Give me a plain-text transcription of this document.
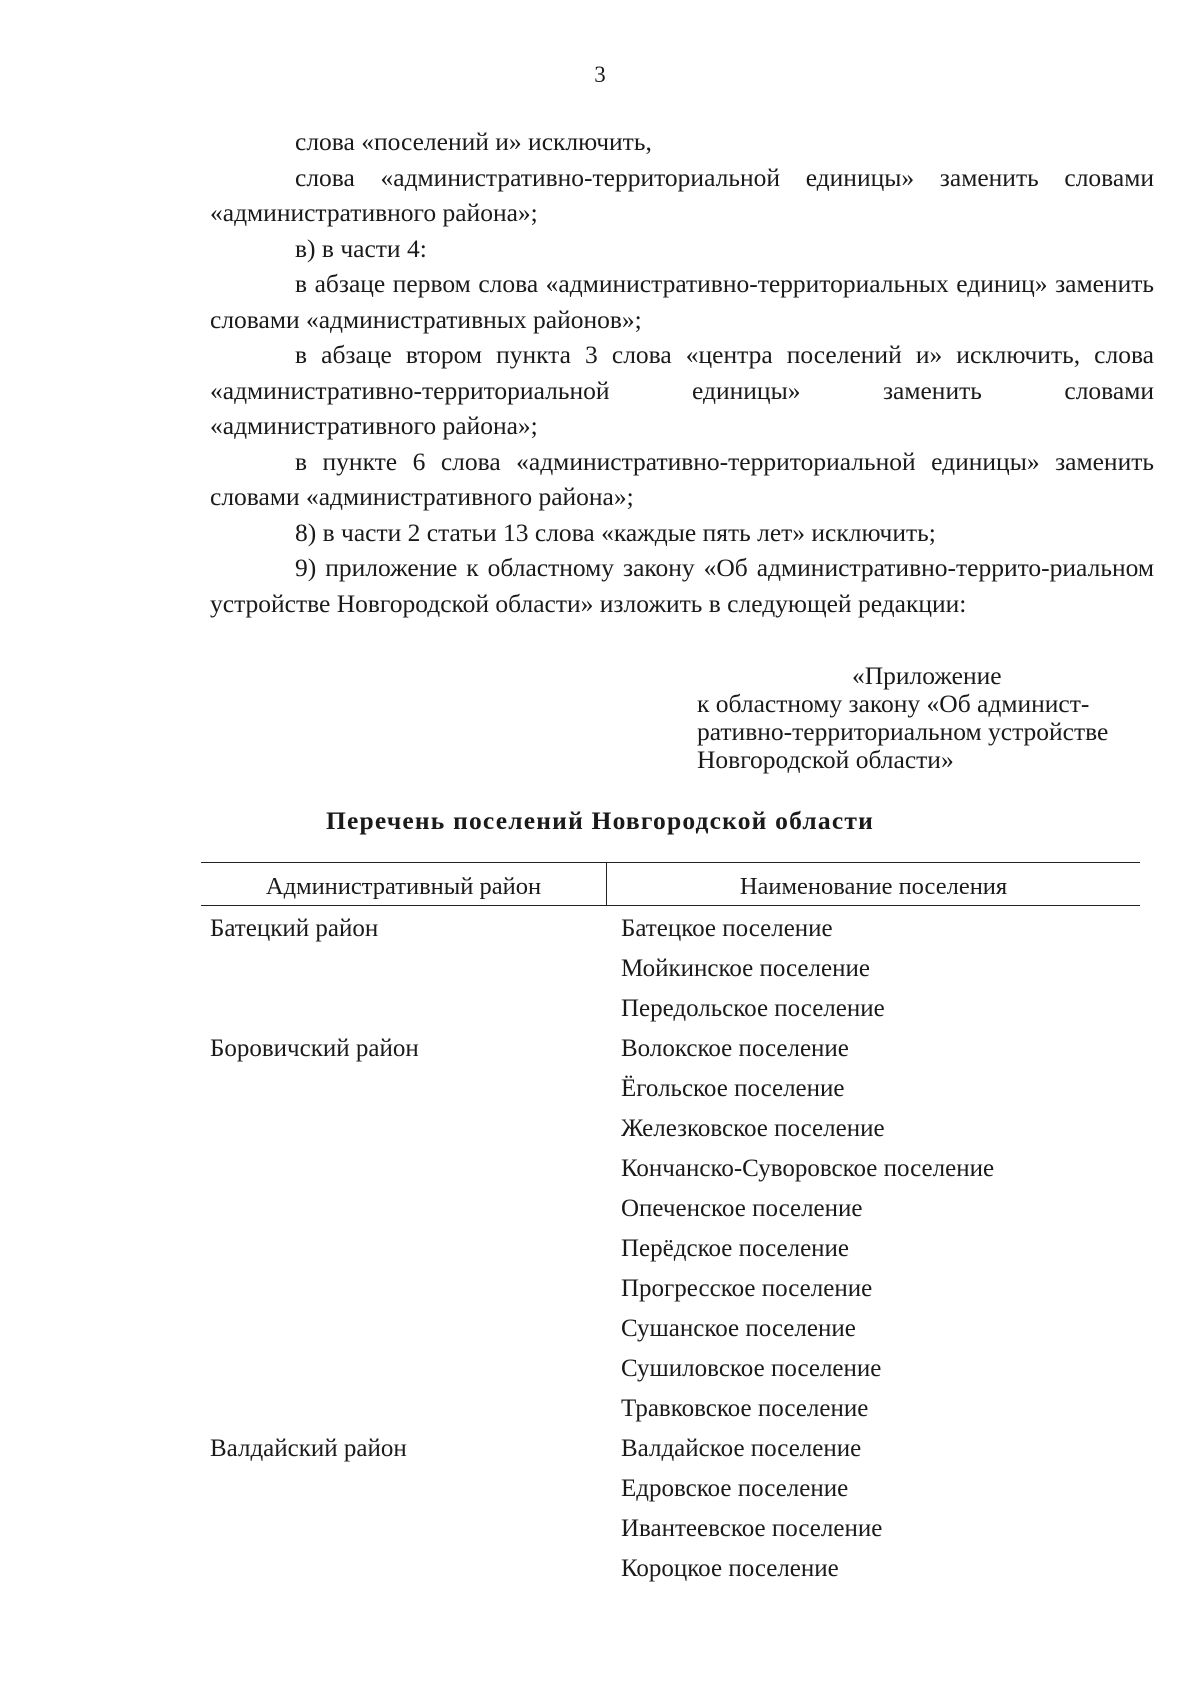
3

слова «поселений и» исключить,

слова «административно-территориальной единицы» заменить словами «административного района»;

в) в части 4:

в абзаце первом слова «административно-территориальных единиц» заменить словами «административных районов»;

в абзаце втором пункта 3 слова «центра поселений и» исключить, слова «административно-территориальной единицы» заменить словами «административного района»;

в пункте 6 слова «административно-территориальной единицы» заменить словами «административного района»;

8) в части 2 статьи 13 слова «каждые пять лет» исключить;

9) приложение к областному закону «Об административно-террито-риальном устройстве Новгородской области» изложить в следующей редакции:

«Приложение
к областному закону «Об админист-
ративно-территориальном устройстве
Новгородской области»
Перечень поселений Новгородской области
Административный район	Наименование поселения
Батецкий район	Батецкое поселение
Мойкинское поселение
Передольское поселение
Боровичский район	Волокское поселение
Ёгольское поселение
Железковское поселение
Кончанско-Суворовское поселение
Опеченское поселение
Перёдское поселение
Прогресское поселение
Сушанское поселение
Сушиловское поселение
Травковское поселение
Валдайский район	Валдайское поселение
Едровское поселение
Ивантеевское поселение
Короцкое поселение
